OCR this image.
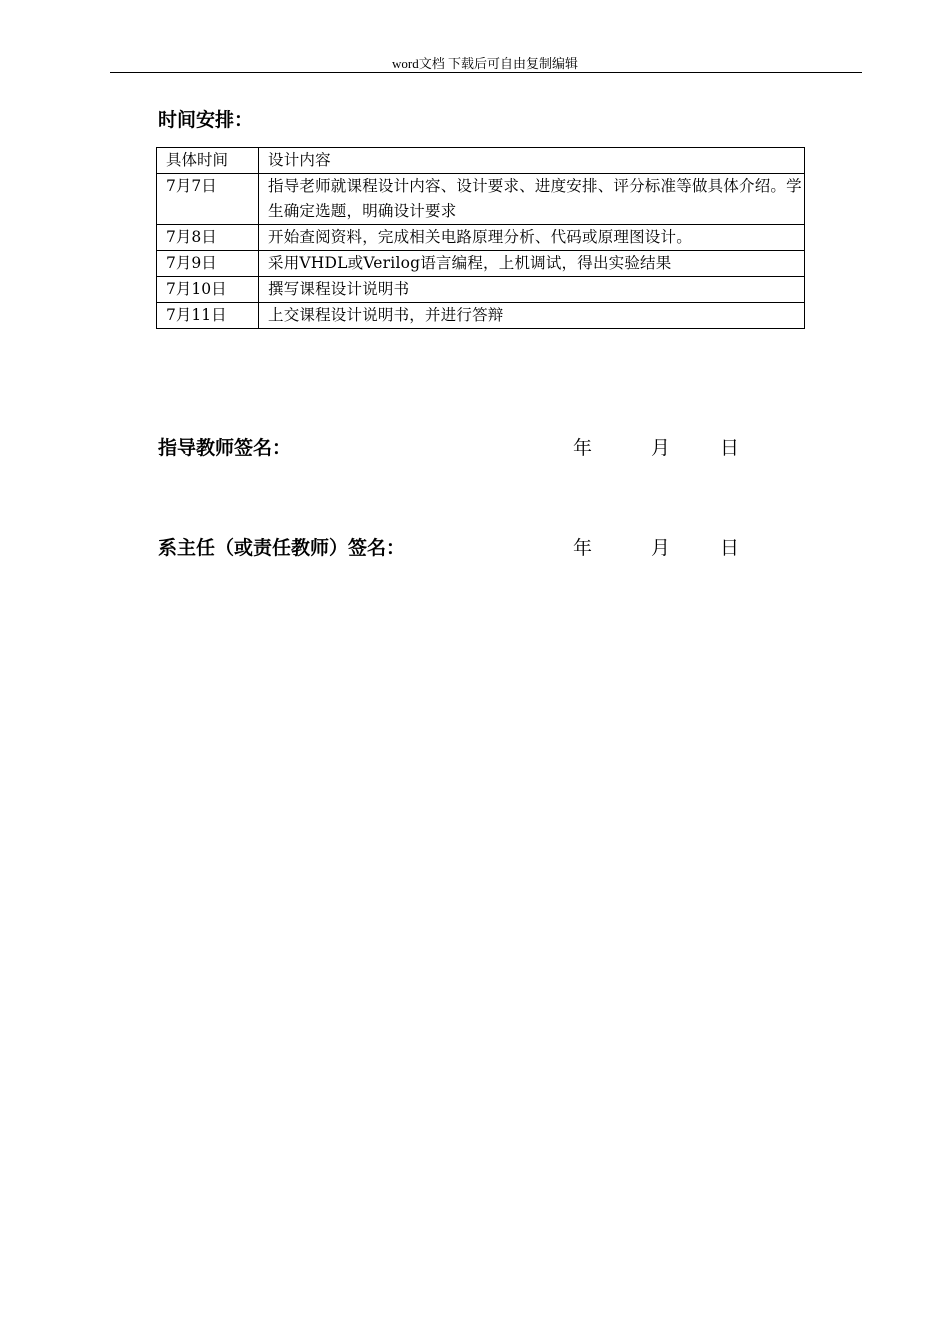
word文档 下载后可自由复制编辑
时间安排：
具体时间	设计内容
7月7日	指导老师就课程设计内容、设计要求、进度安排、评分标准等做具体介绍。学生确定选题，明确设计要求
7月8日	开始查阅资料，完成相关电路原理分析、代码或原理图设计。
7月9日	采用VHDL或Verilog语言编程，上机调试，得出实验结果
7月10日	撰写课程设计说明书
7月11日	上交课程设计说明书，并进行答辩
指导教师签名：	年	月	日
系主任（或责任教师）签名：	年	月	日
